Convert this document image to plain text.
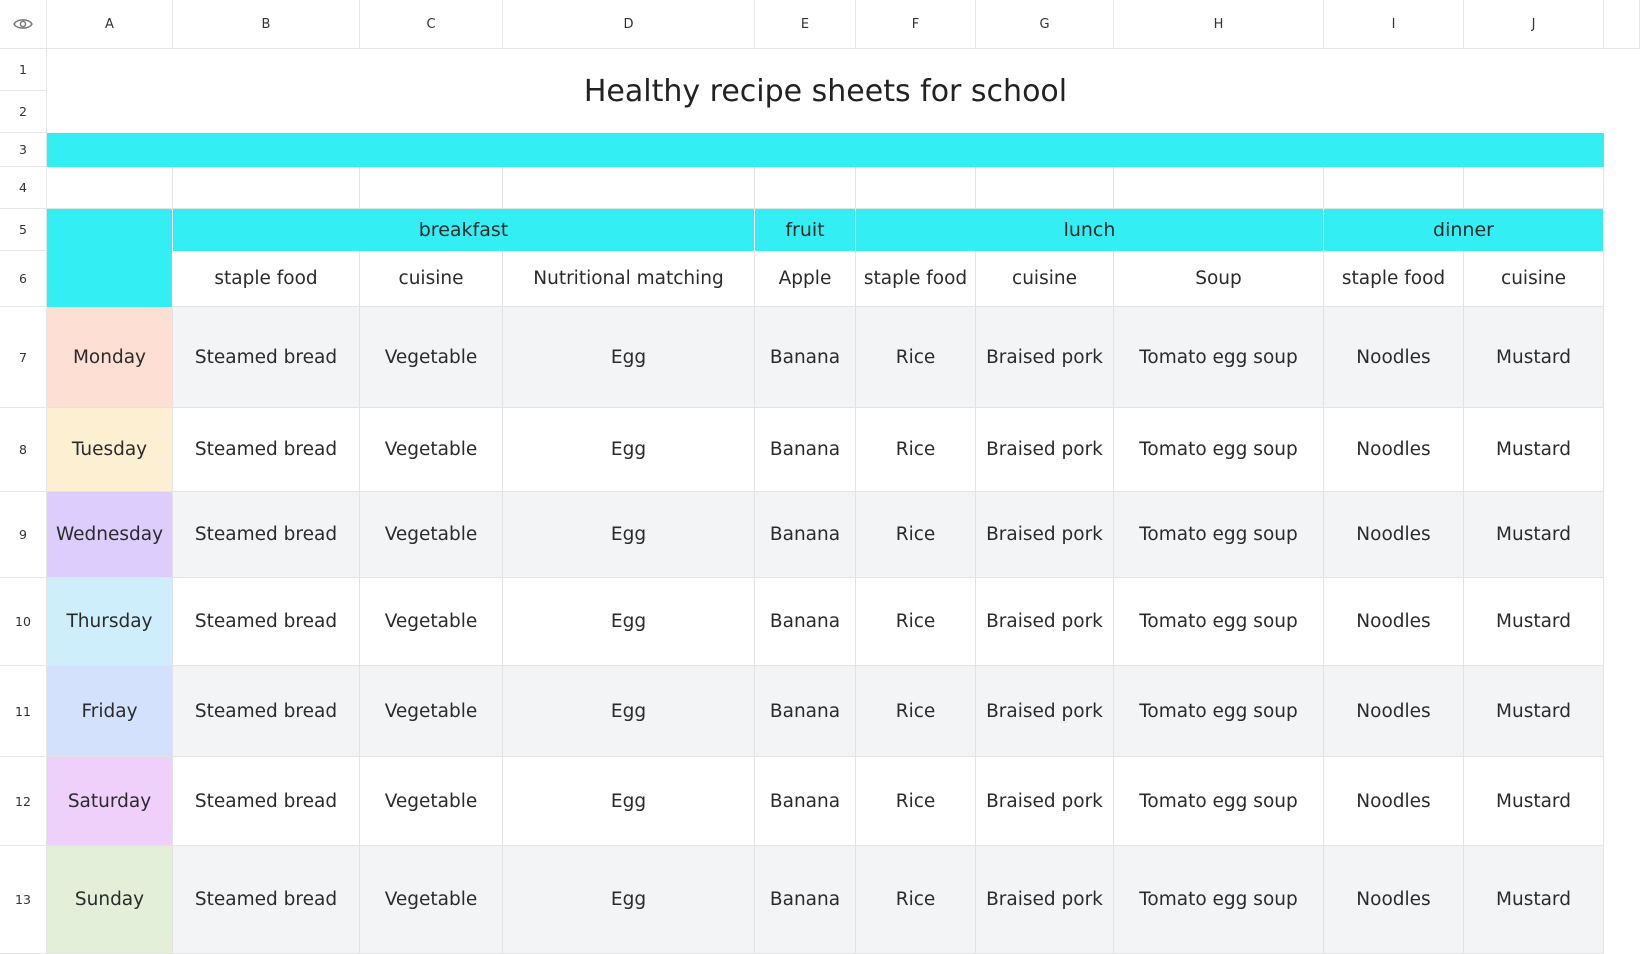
A	B	C	D	E	F	G	H	I	J
1
2
3
4
5
6
7
8
9
10
11
12
13
Healthy recipe sheets for school
breakfast	fruit	lunch	dinner
staple food	cuisine	Nutritional matching	Apple	staple food	cuisine	Soup	staple food	cuisine
Monday	Steamed bread	Vegetable	Egg	Banana	Rice	Braised pork	Tomato egg soup	Noodles	Mustard
Tuesday	Steamed bread	Vegetable	Egg	Banana	Rice	Braised pork	Tomato egg soup	Noodles	Mustard
Wednesday	Steamed bread	Vegetable	Egg	Banana	Rice	Braised pork	Tomato egg soup	Noodles	Mustard
Thursday	Steamed bread	Vegetable	Egg	Banana	Rice	Braised pork	Tomato egg soup	Noodles	Mustard
Friday	Steamed bread	Vegetable	Egg	Banana	Rice	Braised pork	Tomato egg soup	Noodles	Mustard
Saturday	Steamed bread	Vegetable	Egg	Banana	Rice	Braised pork	Tomato egg soup	Noodles	Mustard
Sunday	Steamed bread	Vegetable	Egg	Banana	Rice	Braised pork	Tomato egg soup	Noodles	Mustard
